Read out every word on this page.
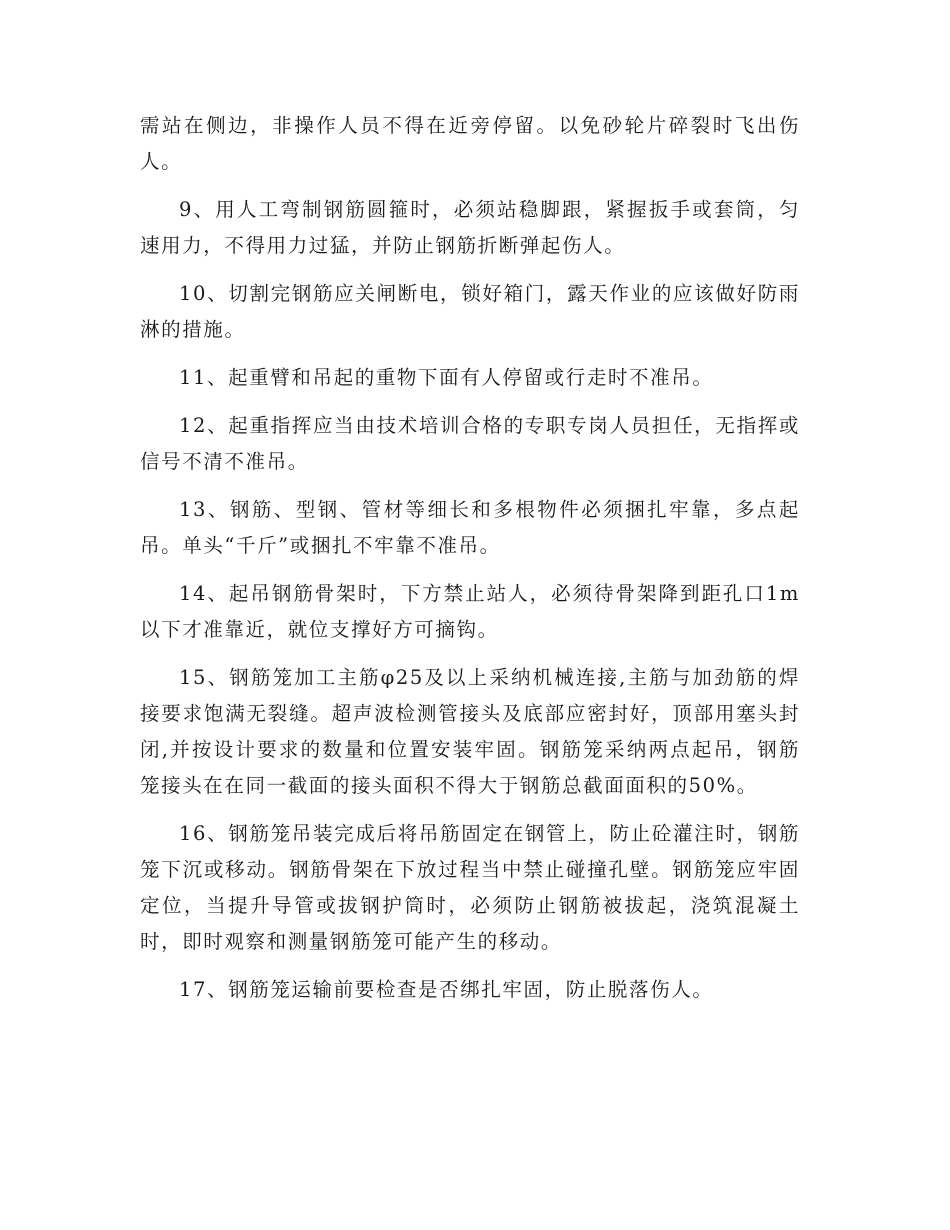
需站在侧边，非操作人员不得在近旁停留。以免砂轮片碎裂时飞出伤人。

9、用人工弯制钢筋圆箍时，必须站稳脚跟，紧握扳手或套筒，匀速用力，不得用力过猛，并防止钢筋折断弹起伤人。

10、切割完钢筋应关闸断电，锁好箱门，露天作业的应该做好防雨淋的措施。

11、起重臂和吊起的重物下面有人停留或行走时不准吊。

12、起重指挥应当由技术培训合格的专职专岗人员担任，无指挥或信号不清不准吊。

13、钢筋、型钢、管材等细长和多根物件必须捆扎牢靠，多点起吊。单头“千斤”或捆扎不牢靠不准吊。

14、起吊钢筋骨架时，下方禁止站人，必须待骨架降到距孔口1m以下才准靠近，就位支撑好方可摘钩。

15、钢筋笼加工主筋φ25及以上采纳机械连接,主筋与加劲筋的焊接要求饱满无裂缝。超声波检测管接头及底部应密封好，顶部用塞头封闭,并按设计要求的数量和位置安装牢固。钢筋笼采纳两点起吊，钢筋笼接头在在同一截面的接头面积不得大于钢筋总截面面积的50%。

16、钢筋笼吊装完成后将吊筋固定在钢管上，防止砼灌注时，钢筋笼下沉或移动。钢筋骨架在下放过程当中禁止碰撞孔壁。钢筋笼应牢固定位，当提升导管或拔钢护筒时，必须防止钢筋被拔起，浇筑混凝土时，即时观察和测量钢筋笼可能产生的移动。

17、钢筋笼运输前要检查是否绑扎牢固，防止脱落伤人。
